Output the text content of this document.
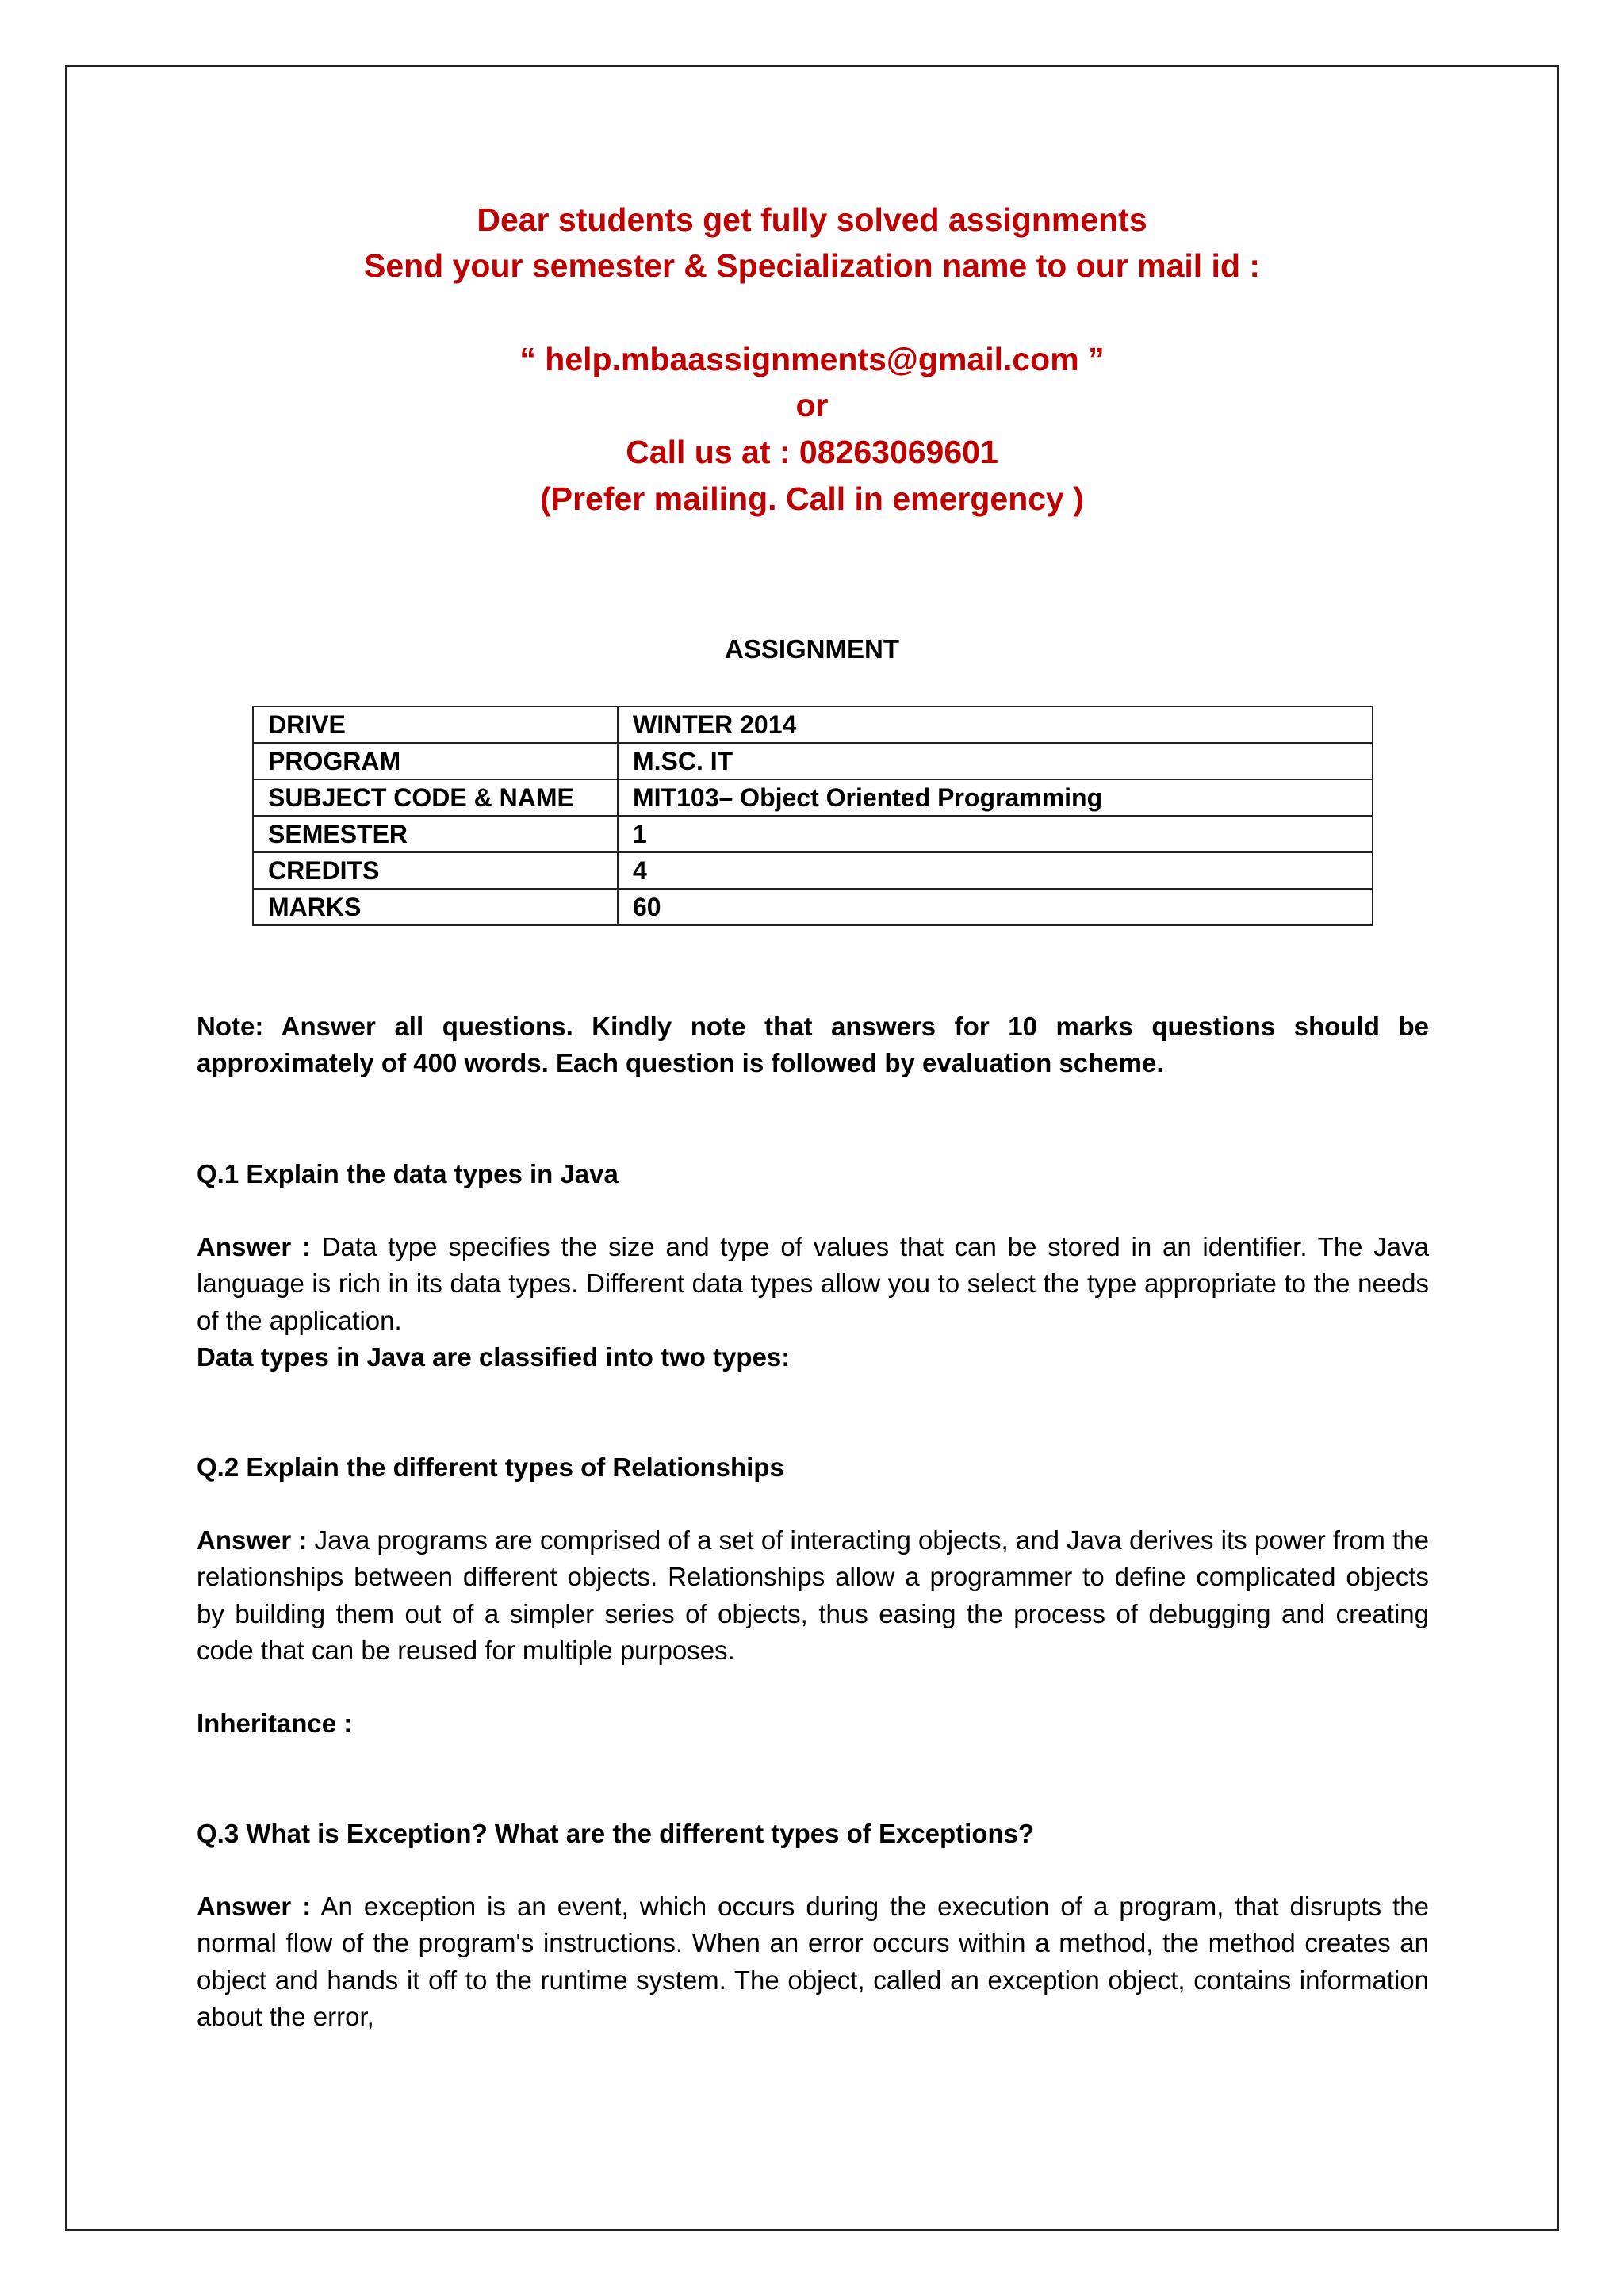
Dear students get fully solved assignments
Send your semester & Specialization name to our mail id :
“ help.mbaassignments@gmail.com ”
or
Call us at : 08263069601
(Prefer mailing. Call in emergency )
ASSIGNMENT
DRIVE	WINTER 2014
PROGRAM	M.SC. IT
SUBJECT CODE & NAME	MIT103– Object Oriented Programming
SEMESTER	1
CREDITS	4
MARKS	60
Note: Answer all questions. Kindly note that answers for 10 marks questions should be approximately of 400 words. Each question is followed by evaluation scheme.
Q.1 Explain the data types in Java
Answer : Data type specifies the size and type of values that can be stored in an identifier. The Java language is rich in its data types. Different data types allow you to select the type appropriate to the needs of the application.
Data types in Java are classified into two types:
Q.2 Explain the different types of Relationships
Answer : Java programs are comprised of a set of interacting objects, and Java derives its power from the relationships between different objects. Relationships allow a programmer to define complicated objects by building them out of a simpler series of objects, thus easing the process of debugging and creating code that can be reused for multiple purposes.
Inheritance :
Q.3 What is Exception? What are the different types of Exceptions?
Answer : An exception is an event, which occurs during the execution of a program, that disrupts the normal flow of the program's instructions. When an error occurs within a method, the method creates an object and hands it off to the runtime system. The object, called an exception object, contains information about the error,
